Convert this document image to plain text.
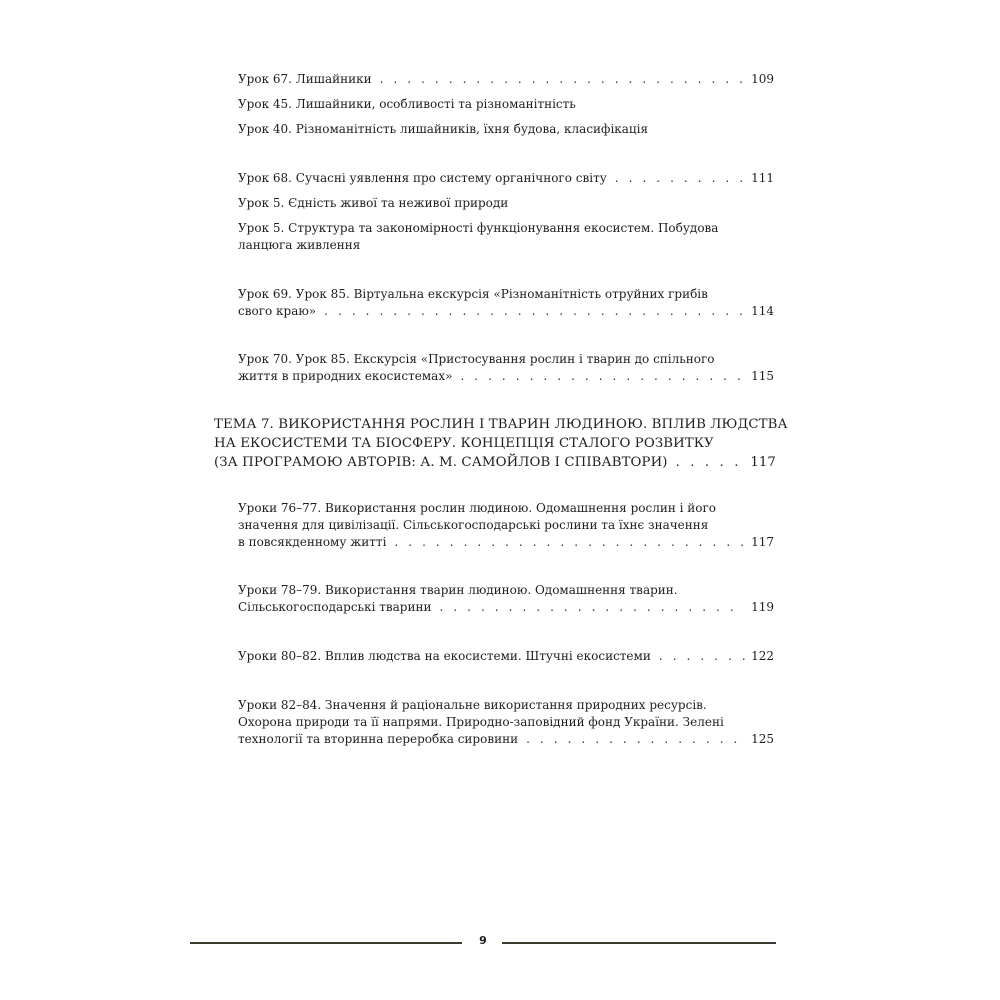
Урок 67. Лишайники . . .	109
Урок 45. Лишайники, особливості та різноманітність
Урок 40. Різноманітність лишайників, їхня будова, класифікація
Урок 68. Сучасні уявлення про систему органічного світу . . .	111
Урок 5. Єдність живої та неживої природи
Урок 5. Структура та закономірності функціонування екосистем. Побудова
ланцюга живлення
Урок 69. Урок 85. Віртуальна екскурсія «Різноманітність отруйних грибів
свого краю» . . .	114
Урок 70. Урок 85. Екскурсія «Пристосування рослин і тварин до спільного
життя в природних екосистемах» . . .	115
ТЕМА 7. ВИКОРИСТАННЯ РОСЛИН І ТВАРИН ЛЮДИНОЮ. ВПЛИВ ЛЮДСТВА
НА ЕКОСИСТЕМИ ТА БІОСФЕРУ. КОНЦЕПЦІЯ СТАЛОГО РОЗВИТКУ
(ЗА ПРОГРАМОЮ АВТОРІВ: А. М. САМОЙЛОВ І СПІВАВТОРИ) . . .	117
Уроки 76–77. Використання рослин людиною. Одомашнення рослин і його
значення для цивілізації. Сільськогосподарські рослини та їхнє значення
в повсякденному житті . . .	117
Уроки 78–79. Використання тварин людиною. Одомашнення тварин.
Сільськогосподарські тварини . . .	119
Уроки 80–82. Вплив людства на екосистеми. Штучні екосистеми . . .	122
Уроки 82–84. Значення й раціональне використання природних ресурсів.
Охорона природи та її напрями. Природно-заповідний фонд України. Зелені
технології та вторинна переробка сировини . . .	125
9
